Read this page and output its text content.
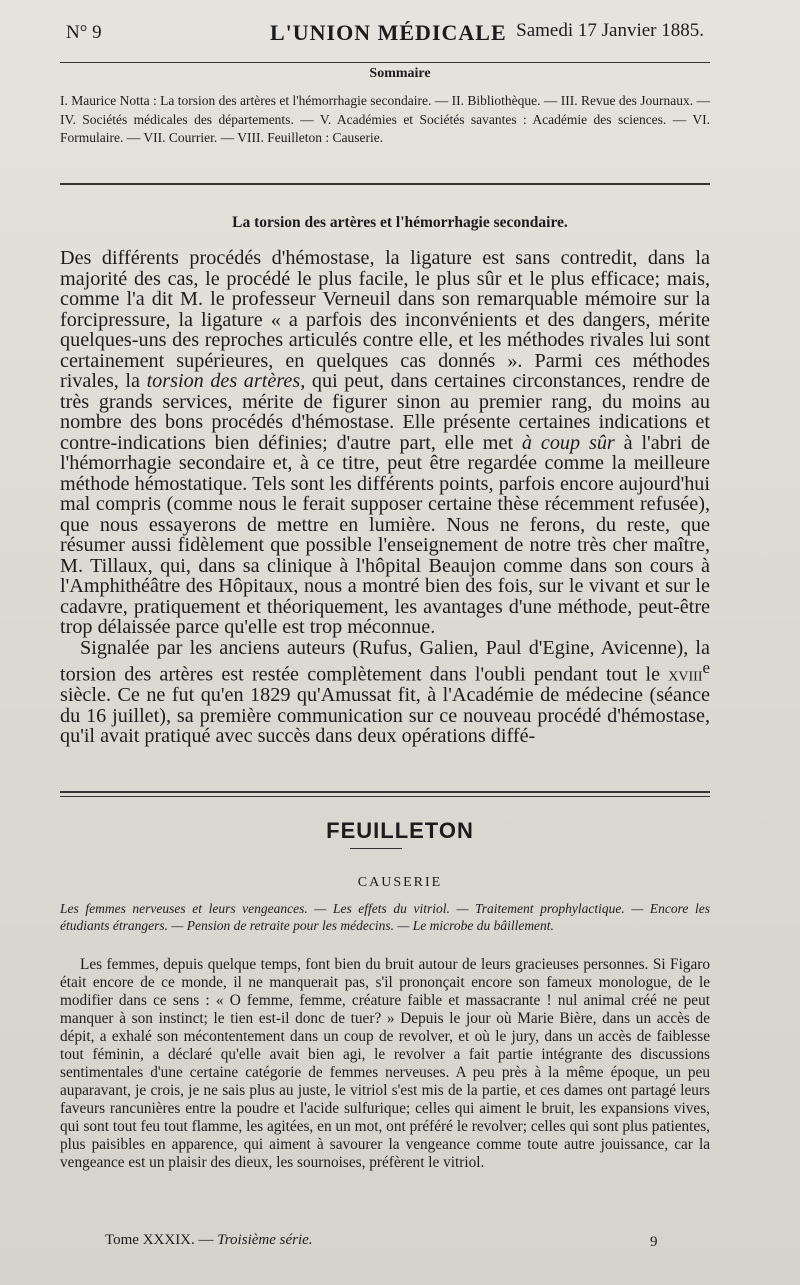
N° 9	L'UNION MÉDICALE Samedi 17 Janvier 1885.
Sommaire
I. Maurice Notta : La torsion des artères et l'hémorrhagie secondaire. — II. Bibliothèque. — III. Revue des Journaux. — IV. Sociétés médicales des départements. — V. Académies et Sociétés savantes : Académie des sciences. — VI. Formulaire. — VII. Courrier. — VIII. Feuilleton : Causerie.
La torsion des artères et l'hémorrhagie secondaire.

Des différents procédés d'hémostase, la ligature est sans contredit, dans la majorité des cas, le procédé le plus facile, le plus sûr et le plus efficace; mais, comme l'a dit M. le professeur Verneuil dans son remarquable mémoire sur la forcipressure, la ligature « a parfois des inconvénients et des dangers, mérite quelques-uns des reproches articulés contre elle, et les méthodes rivales lui sont certainement supérieures, en quelques cas donnés ». Parmi ces méthodes rivales, la torsion des artères, qui peut, dans certaines circonstances, rendre de très grands services, mérite de figurer sinon au premier rang, du moins au nombre des bons procédés d'hémostase. Elle présente certaines indications et contre-indications bien définies; d'autre part, elle met à coup sûr à l'abri de l'hémorrhagie secondaire et, à ce titre, peut être regardée comme la meilleure méthode hémostatique. Tels sont les différents points, parfois encore aujourd'hui mal compris (comme nous le ferait supposer certaine thèse récemment refusée), que nous essayerons de mettre en lumière. Nous ne ferons, du reste, que résumer aussi fidèlement que possible l'enseignement de notre très cher maître, M. Tillaux, qui, dans sa clinique à l'hôpital Beaujon comme dans son cours à l'Amphithéâtre des Hôpitaux, nous a montré bien des fois, sur le vivant et sur le cadavre, pratiquement et théoriquement, les avantages d'une méthode, peut-être trop délaissée parce qu'elle est trop méconnue.

Signalée par les anciens auteurs (Rufus, Galien, Paul d'Egine, Avicenne), la torsion des artères est restée complètement dans l'oubli pendant tout le xviii$^e$ siècle. Ce ne fut qu'en 1829 qu'Amussat fit, à l'Académie de médecine (séance du 16 juillet), sa première communication sur ce nouveau procédé d'hémostase, qu'il avait pratiqué avec succès dans deux opérations diffé-

FEUILLETON
CAUSERIE
Les femmes nerveuses et leurs vengeances. — Les effets du vitriol. — Traitement prophylactique. — Encore les étudiants étrangers. — Pension de retraite pour les médecins. — Le microbe du bâillement.

Les femmes, depuis quelque temps, font bien du bruit autour de leurs gracieuses personnes. Si Figaro était encore de ce monde, il ne manquerait pas, s'il prononçait encore son fameux monologue, de le modifier dans ce sens : « O femme, femme, créature faible et massacrante ! nul animal créé ne peut manquer à son instinct; le tien est-il donc de tuer? » Depuis le jour où Marie Bière, dans un accès de dépit, a exhalé son mécontentement dans un coup de revolver, et où le jury, dans un accès de faiblesse tout féminin, a déclaré qu'elle avait bien agi, le revolver a fait partie intégrante des discussions sentimentales d'une certaine catégorie de femmes nerveuses. A peu près à la même époque, un peu auparavant, je crois, je ne sais plus au juste, le vitriol s'est mis de la partie, et ces dames ont partagé leurs faveurs rancunières entre la poudre et l'acide sulfurique; celles qui aiment le bruit, les expansions vives, qui sont tout feu tout flamme, les agitées, en un mot, ont préféré le revolver; celles qui sont plus patientes, plus paisibles en apparence, qui aiment à savourer la vengeance comme toute autre jouissance, car la vengeance est un plaisir des dieux, les sournoises, préfèrent le vitriol.

Tome XXXIX. — Troisième série.	9
